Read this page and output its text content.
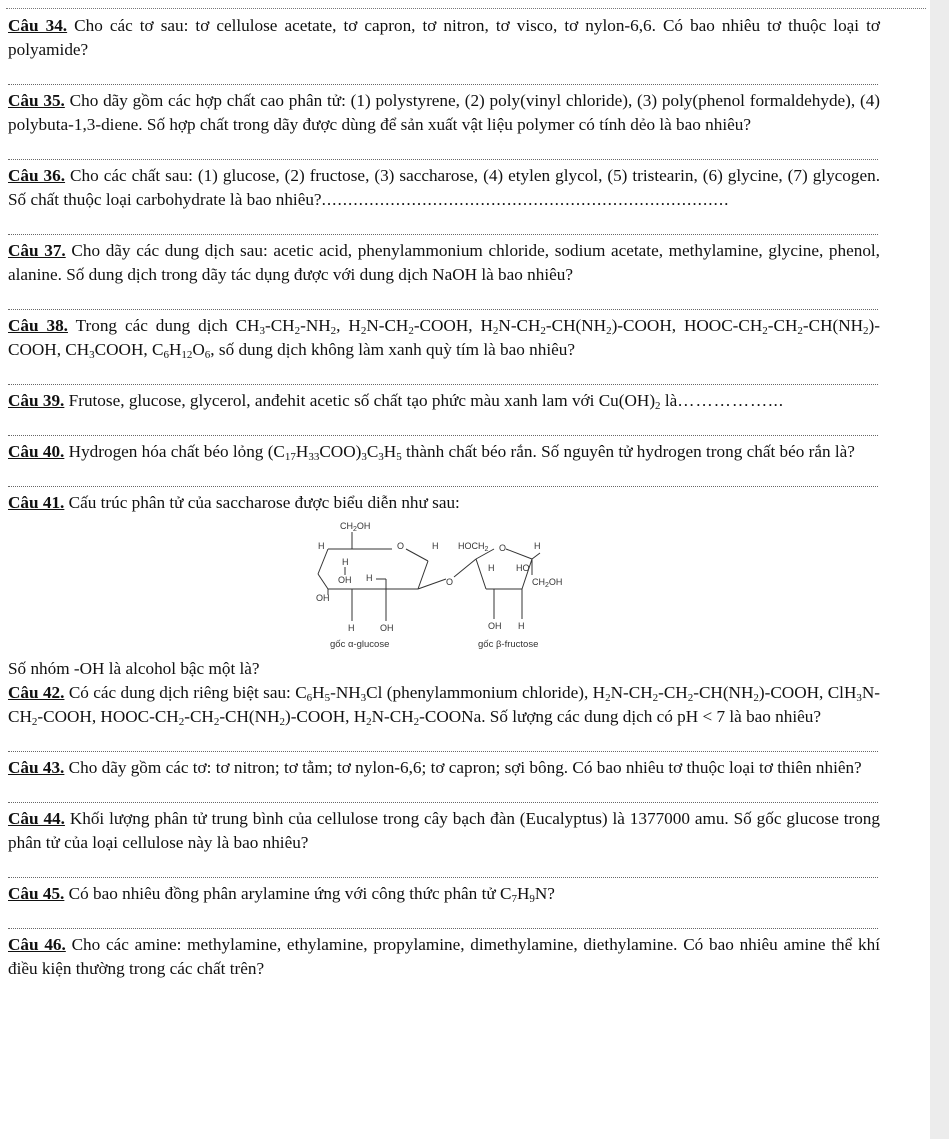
Câu 34. Cho các tơ sau: tơ cellulose acetate, tơ capron, tơ nitron, tơ visco, tơ nylon-6,6. Có bao nhiêu tơ thuộc loại tơ polyamide?

Câu 35. Cho dãy gồm các hợp chất cao phân tử: (1) polystyrene, (2) poly(vinyl chloride), (3) poly(phenol formaldehyde), (4) polybuta-1,3-diene. Số hợp chất trong dãy được dùng để sản xuất vật liệu polymer có tính dẻo là bao nhiêu?

Câu 36. Cho các chất sau: (1) glucose, (2) fructose, (3) saccharose, (4) etylen glycol, (5) tristearin, (6) glycine, (7) glycogen. Số chất thuộc loại carbohydrate là bao nhiêu?.............................................................................

Câu 37. Cho dãy các dung dịch sau: acetic acid, phenylammonium chloride, sodium acetate, methylamine, glycine, phenol, alanine. Số dung dịch trong dãy tác dụng được với dung dịch NaOH là bao nhiêu?

Câu 38. Trong các dung dịch $CH_3-CH_2-NH_2$, $H_2N-CH_2$-COOH, $H_2N-CH_2-CH(NH_2)$-COOH, HOOC-$CH_2-CH_2-CH(NH_2)$-COOH, $CH_3COOH$, $C_6H_{12}O_6$, số dung dịch không làm xanh quỳ tím là bao nhiêu?

Câu 39. Frutose, glucose, glycerol, anđehit acetic số chất tạo phức màu xanh lam với $Cu(OH)_2$ là……………...

Câu 40. Hydrogen hóa chất béo lỏng $(C_{17}H_{33}COO)_3C_3H_5$ thành chất béo rắn. Số nguyên tử hydrogen trong chất béo rắn là?

Câu 41. Cấu trúc phân tử của saccharose được biểu diễn như sau:

$CH_2OH$
H	O	H
H
OH H
OH
H	OH
O
$HOCH_2$ O	H
H HO
$CH_2OH$
OH H
gốc α-glucose	gốc β-fructose

Số nhóm -OH là alcohol bậc một là?

Câu 42. Có các dung dịch riêng biệt sau: $C_6H_5-NH_3Cl$ (phenylammonium chloride), $H_2N-CH_2-CH_2-CH(NH_2)$-COOH, $ClH_3N-CH_2$-COOH, HOOC-$CH_2-CH_2-CH(NH_2)$-COOH, $H_2N-CH_2$-COONa. Số lượng các dung dịch có pH < 7 là bao nhiêu?

Câu 43. Cho dãy gồm các tơ: tơ nitron; tơ tằm; tơ nylon-6,6; tơ capron; sợi bông. Có bao nhiêu tơ thuộc loại tơ thiên nhiên?

Câu 44. Khối lượng phân tử trung bình của cellulose trong cây bạch đàn (Eucalyptus) là 1377000 amu. Số gốc glucose trong phân tử của loại cellulose này là bao nhiêu?

Câu 45. Có bao nhiêu đồng phân arylamine ứng với công thức phân tử $C_7H_9N$?

Câu 46. Cho các amine: methylamine, ethylamine, propylamine, dimethylamine, diethylamine. Có bao nhiêu amine thể khí điều kiện thường trong các chất trên?
